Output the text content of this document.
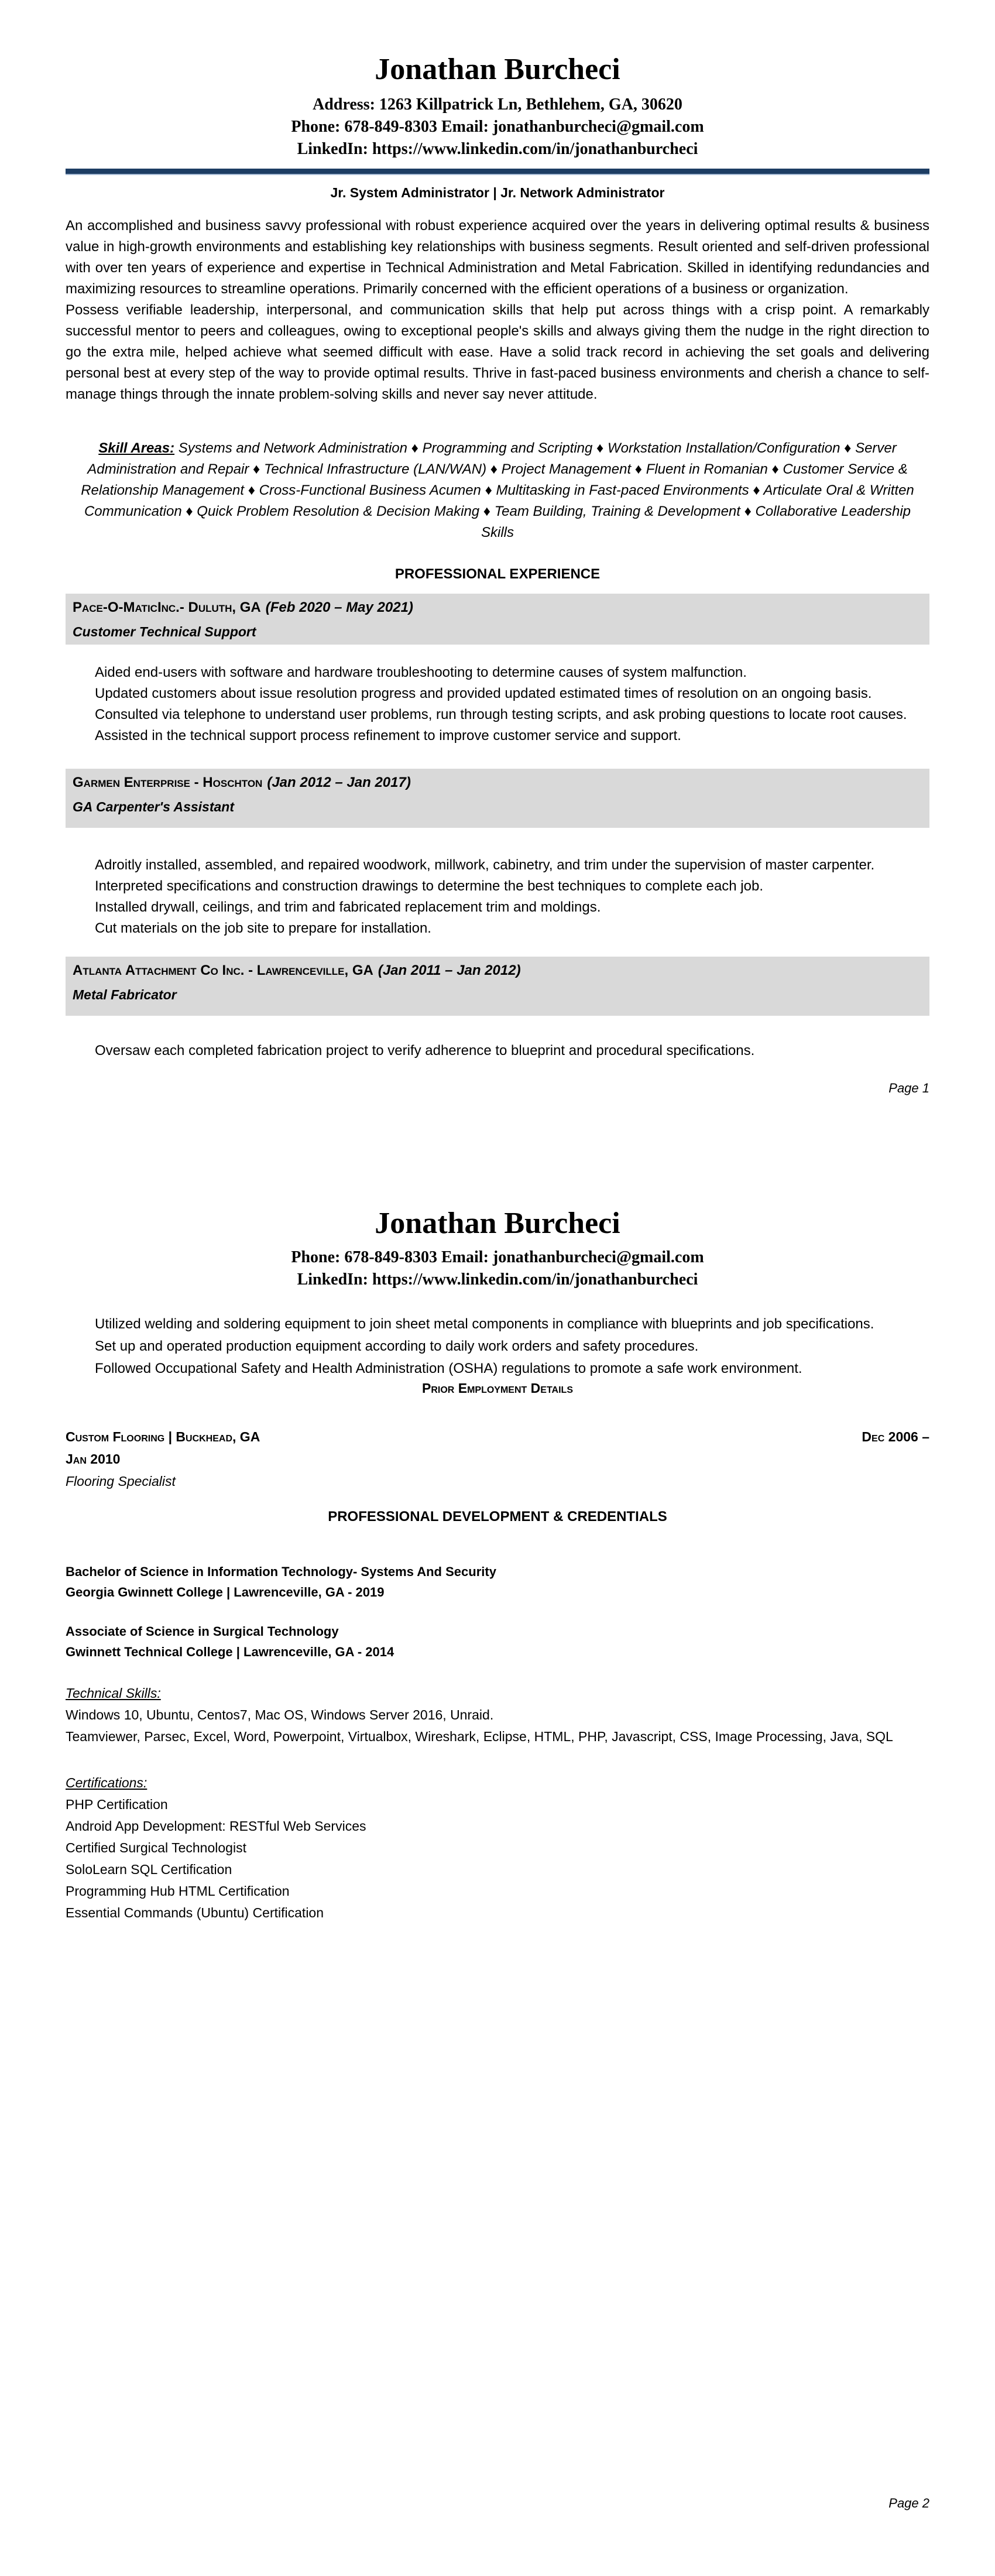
Jonathan Burcheci
Address: 1263 Killpatrick Ln, Bethlehem, GA, 30620
Phone: 678-849-8303 Email: jonathanburcheci@gmail.com
LinkedIn: https://www.linkedin.com/in/jonathanburcheci
Jr. System Administrator | Jr. Network Administrator

An accomplished and business savvy professional with robust experience acquired over the years in delivering optimal results & business value in high-growth environments and establishing key relationships with business segments. Result oriented and self-driven professional with over ten years of experience and expertise in Technical Administration and Metal Fabrication. Skilled in identifying redundancies and maximizing resources to streamline operations. Primarily concerned with the efficient operations of a business or organization.

Possess verifiable leadership, interpersonal, and communication skills that help put across things with a crisp point. A remarkably successful mentor to peers and colleagues, owing to exceptional people's skills and always giving them the nudge in the right direction to go the extra mile, helped achieve what seemed difficult with ease. Have a solid track record in achieving the set goals and delivering personal best at every step of the way to provide optimal results. Thrive in fast-paced business environments and cherish a chance to self-manage things through the innate problem-solving skills and never say never attitude.

Skill Areas: Systems and Network Administration ♦ Programming and Scripting ♦ Workstation Installation/Configuration ♦ Server Administration and Repair ♦ Technical Infrastructure (LAN/WAN) ♦ Project Management ♦ Fluent in Romanian ♦ Customer Service & Relationship Management ♦ Cross-Functional Business Acumen ♦ Multitasking in Fast-paced Environments ♦ Articulate Oral & Written Communication ♦ Quick Problem Resolution & Decision Making ♦ Team Building, Training & Development ♦ Collaborative Leadership Skills
PROFESSIONAL EXPERIENCE
Pace-O-MaticInc.- Duluth, GA (Feb 2020 – May 2021)
Customer Technical Support

Aided end-users with software and hardware troubleshooting to determine causes of system malfunction.

Updated customers about issue resolution progress and provided updated estimated times of resolution on an ongoing basis.

Consulted via telephone to understand user problems, run through testing scripts, and ask probing questions to locate root causes.

Assisted in the technical support process refinement to improve customer service and support.

Garmen Enterprise - Hoschton (Jan 2012 – Jan 2017)
GA Carpenter's Assistant

Adroitly installed, assembled, and repaired woodwork, millwork, cabinetry, and trim under the supervision of master carpenter.

Interpreted specifications and construction drawings to determine the best techniques to complete each job.

Installed drywall, ceilings, and trim and fabricated replacement trim and moldings.

Cut materials on the job site to prepare for installation.

Atlanta Attachment Co Inc. - Lawrenceville, GA (Jan 2011 – Jan 2012)
Metal Fabricator

Oversaw each completed fabrication project to verify adherence to blueprint and procedural specifications.

Page 1
Jonathan Burcheci
Phone: 678-849-8303 Email: jonathanburcheci@gmail.com
LinkedIn: https://www.linkedin.com/in/jonathanburcheci

Utilized welding and soldering equipment to join sheet metal components in compliance with blueprints and job specifications.

Set up and operated production equipment according to daily work orders and safety procedures.

Followed Occupational Safety and Health Administration (OSHA) regulations to promote a safe work environment.

Prior Employment Details
Custom Flooring | Buckhead, GA	Dec 2006 –
Jan 2010
Flooring Specialist
PROFESSIONAL DEVELOPMENT & CREDENTIALS

Bachelor of Science in Information Technology- Systems And Security

Georgia Gwinnett College | Lawrenceville, GA - 2019

Associate of Science in Surgical Technology

Gwinnett Technical College | Lawrenceville, GA - 2014

Technical Skills:

Windows 10, Ubuntu, Centos7, Mac OS, Windows Server 2016, Unraid.

Teamviewer, Parsec, Excel, Word, Powerpoint, Virtualbox, Wireshark, Eclipse, HTML, PHP, Javascript, CSS, Image Processing, Java, SQL

Certifications:

PHP Certification

Android App Development: RESTful Web Services

Certified Surgical Technologist

SoloLearn SQL Certification

Programming Hub HTML Certification

Essential Commands (Ubuntu) Certification

Page 2
